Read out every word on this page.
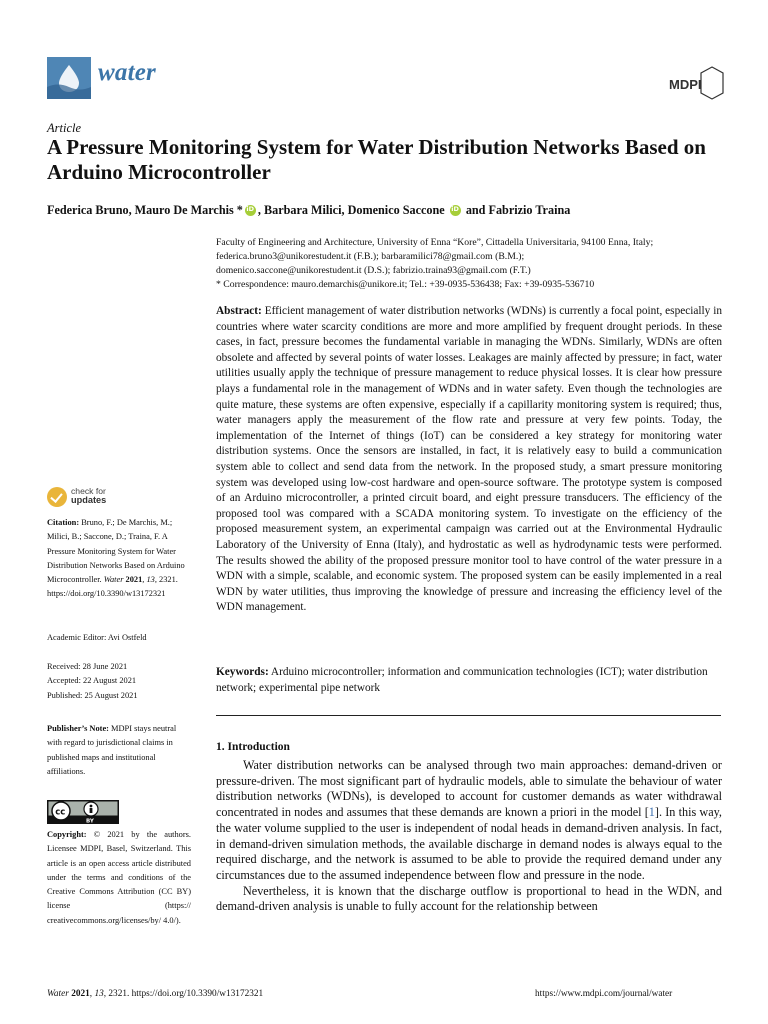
water	MDPI
Article
A Pressure Monitoring System for Water Distribution Networks Based on Arduino Microcontroller
Federica Bruno, Mauro De Marchis *iD , Barbara Milici, Domenico Saccone iD and Fabrizio Traina
Faculty of Engineering and Architecture, University of Enna “Kore”, Cittadella Universitaria, 94100 Enna, Italy;
federica.bruno3@unikorestudent.it (F.B.); barbaramilici78@gmail.com (B.M.);
domenico.saccone@unikorestudent.it (D.S.); fabrizio.traina93@gmail.com (F.T.)
* Correspondence: mauro.demarchis@unikore.it; Tel.: +39-0935-536438; Fax: +39-0935-536710
Abstract: Efficient management of water distribution networks (WDNs) is currently a focal point, especially in countries where water scarcity conditions are more and more amplified by frequent drought periods. In these cases, in fact, pressure becomes the fundamental variable in managing the WDNs. Similarly, WDNs are often obsolete and affected by several points of water losses. Leakages are mainly affected by pressure; in fact, water utilities usually apply the technique of pressure management to reduce physical losses. It is clear how pressure plays a fundamental role in the management of WDNs and in water safety. Even though the technologies are quite mature, these systems are often expensive, especially if a capillarity monitoring system is required; thus, water managers apply the measurement of the flow rate and pressure at very few points. Today, the implementation of the Internet of things (IoT) can be considered a key strategy for monitoring water distribution systems. Once the sensors are installed, in fact, it is relatively easy to build a communication system able to collect and send data from the network. In the proposed study, a smart pressure monitoring system was developed using low-cost hardware and open-source software. The prototype system is composed of an Arduino microcontroller, a printed circuit board, and eight pressure transducers. The efficiency of the proposed tool was compared with a SCADA monitoring system. To investigate on the efficiency of the proposed measurement system, an experimental campaign was carried out at the Environmental Hydraulic Laboratory of the University of Enna (Italy), and hydrostatic as well as hydrodynamic tests were performed. The results showed the ability of the proposed pressure monitor tool to have control of the water pressure in a WDN with a simple, scalable, and economic system. The proposed system can be easily implemented in a real WDN by water utilities, thus improving the knowledge of pressure and increasing the efficiency level of the WDN management.
Keywords: Arduino microcontroller; information and communication technologies (ICT); water distribution network; experimental pipe network
1. Introduction

Water distribution networks can be analysed through two main approaches: demand-driven or pressure-driven. The most significant part of hydraulic models, able to simulate the behaviour of water distribution networks (WDNs), is developed to account for customer demands as water withdrawal concentrated in nodes and assumes that these demands are known a priori in the model [1]. In this way, the water volume supplied to the user is independent of nodal heads in demand-driven analysis. In fact, in demand-driven simulation methods, the available discharge in demand nodes is always equal to the required discharge, and the network is assumed to be able to provide the required demand under any circumstances due to the assumed independence between flow and pressure in the node.

Nevertheless, it is known that the discharge outflow is proportional to head in the WDN, and demand-driven analysis is unable to fully account for the relationship between

check for
updates
Citation: Bruno, F.; De Marchis, M.; Milici, B.; Saccone, D.; Traina, F. A Pressure Monitoring System for Water Distribution Networks Based on Arduino Microcontroller. Water 2021, 13, 2321. https://doi.org/10.3390/w13172321
Academic Editor: Avi Ostfeld
Received: 28 June 2021
Accepted: 22 August 2021
Published: 25 August 2021
Publisher’s Note: MDPI stays neutral with regard to jurisdictional claims in published maps and institutional affiliations.
cc
BY
Copyright: © 2021 by the authors. Licensee MDPI, Basel, Switzerland. This article is an open access article distributed under the terms and conditions of the Creative Commons Attribution (CC BY) license (https:// creativecommons.org/licenses/by/ 4.0/).
Water 2021, 13, 2321. https://doi.org/10.3390/w13172321	https://www.mdpi.com/journal/water
